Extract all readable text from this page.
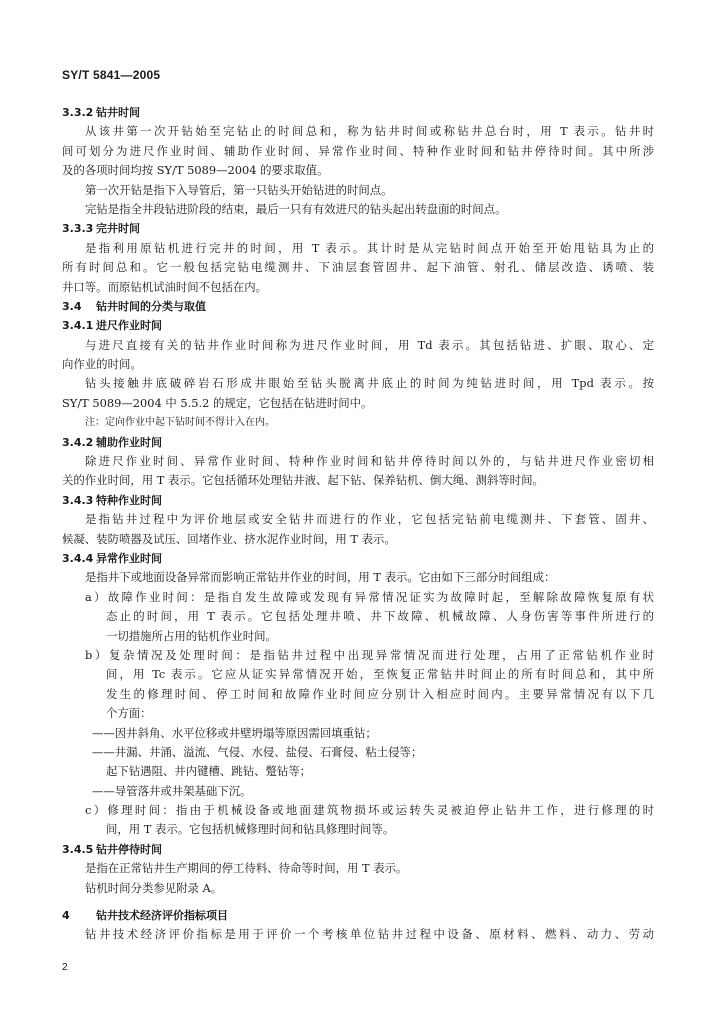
SY/T 5841—2005
3.3.2 钻井时间
从该井第一次开钻始至完钻止的时间总和，称为钻井时间或称钻井总台时，用 T 表示。钻井时
间可划分为进尺作业时间、辅助作业时间、异常作业时间、特种作业时间和钻井停待时间。其中所涉
及的各项时间均按 SY/T 5089—2004 的要求取值。
第一次开钻是指下入导管后，第一只钻头开始钻进的时间点。
完钻是指全井段钻进阶段的结束，最后一只有有效进尺的钻头起出转盘面的时间点。
3.3.3 完井时间
是指利用原钻机进行完井的时间，用 T 表示。其计时是从完钻时间点开始至开始甩钻具为止的
所有时间总和。它一般包括完钻电缆测井、下油层套管固井、起下油管、射孔、储层改造、诱喷、装
井口等。而原钻机试油时间不包括在内。
3.4 钻井时间的分类与取值
3.4.1 进尺作业时间
与进尺直接有关的钻井作业时间称为进尺作业时间，用 Td 表示。其包括钻进、扩眼、取心、定
向作业的时间。
钻头接触井底破碎岩石形成井眼始至钻头脱离井底止的时间为纯钻进时间，用 Tpd 表示。按
SY/T 5089—2004 中 5.5.2 的规定，它包括在钻进时间中。
注：定向作业中起下钻时间不得计入在内。
3.4.2 辅助作业时间
除进尺作业时间、异常作业时间、特种作业时间和钻井停待时间以外的，与钻井进尺作业密切相
关的作业时间，用 T 表示。它包括循环处理钻井液、起下钻、保养钻机、倒大绳、测斜等时间。
3.4.3 特种作业时间
是指钻井过程中为评价地层或安全钻井而进行的作业，它包括完钻前电缆测井、下套管、固井、
候凝、装防喷器及试压、回堵作业、挤水泥作业时间，用 T 表示。
3.4.4 异常作业时间
是指井下或地面设备异常而影响正常钻井作业的时间，用 T 表示。它由如下三部分时间组成：
a）故障作业时间：是指自发生故障或发现有异常情况证实为故障时起，至解除故障恢复原有状
态止的时间，用 T 表示。它包括处理井喷、井下故障、机械故障、人身伤害等事件所进行的
一切措施所占用的钻机作业时间。
b）复杂情况及处理时间：是指钻井过程中出现异常情况而进行处理，占用了正常钻机作业时
间，用 Tc 表示。它应从证实异常情况开始，至恢复正常钻井时间止的所有时间总和，其中所
发生的修理时间、停工时间和故障作业时间应分别计入相应时间内。主要异常情况有以下几
个方面：
——因井斜角、水平位移或井壁坍塌等原因需回填重钻；
——井漏、井涌、溢流、气侵、水侵、盐侵、石膏侵、粘土侵等；
起下钻遇阻、井内键槽、跳钻、蹩钻等；
——导管落井或井架基础下沉。
c）修理时间：指由于机械设备或地面建筑物损坏或运转失灵被迫停止钻井工作，进行修理的时
间，用 T 表示。它包括机械修理时间和钻具修理时间等。
3.4.5 钻井停待时间
是指在正常钻井生产期间的停工待料、待命等时间，用 T 表示。
钻机时间分类参见附录 A。
4 钻井技术经济评价指标项目
钻井技术经济评价指标是用于评价一个考核单位钻井过程中设备、原材料、燃料、动力、劳动
2
